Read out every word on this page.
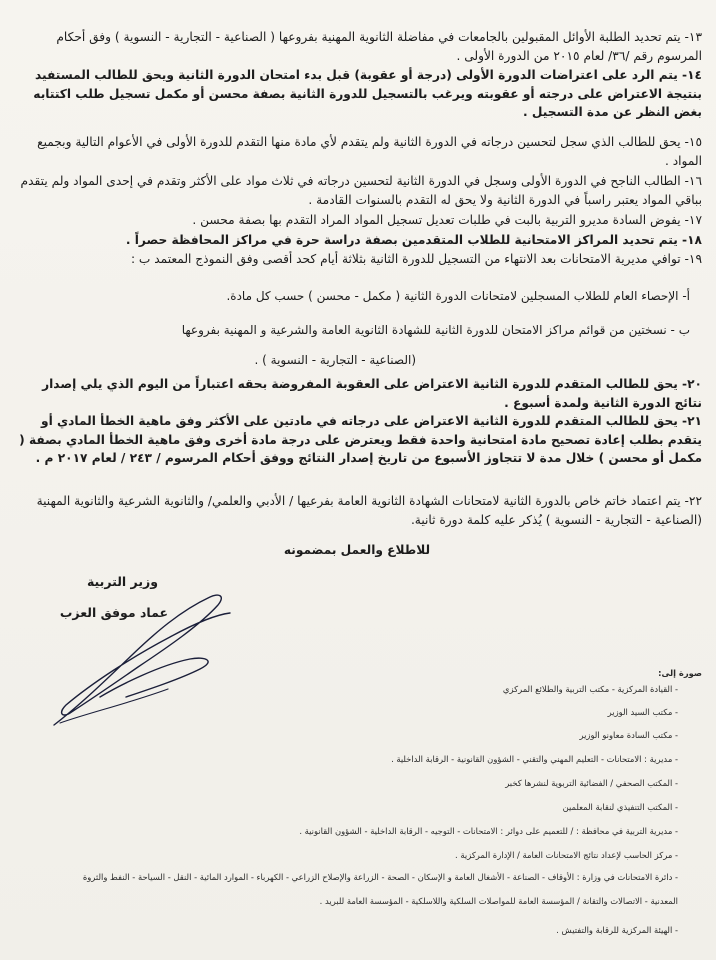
١٣- يتم تحديد الطلبة الأوائل المقبولين بالجامعات في مفاضلة الثانوية المهنية بفروعها ( الصناعية - التجارية - النسوية ) وفق أحكام المرسوم رقم /٣٦/ لعام ٢٠١٥ من الدورة الأولى .

١٤- يتم الرد على اعتراضات الدورة الأولى (درجة أو عقوبة) قبل بدء امتحان الدورة الثانية ويحق للطالب المستفيد بنتيجة الاعتراض على درجته أو عقوبته ويرغب بالتسجيل للدورة الثانية بصفة محسن أو مكمل تسجيل طلب اكتتابه بغض النظر عن مدة التسجيل .

١٥- يحق للطالب الذي سجل لتحسين درجاته في الدورة الثانية ولم يتقدم لأي مادة منها التقدم للدورة الأولى في الأعوام التالية وبجميع المواد .

١٦- الطالب الناجح في الدورة الأولى وسجل في الدورة الثانية لتحسين درجاته في ثلاث مواد على الأكثر وتقدم في إحدى المواد ولم يتقدم بباقي المواد يعتبر راسباً في الدورة الثانية ولا يحق له التقدم بالسنوات القادمة .

١٧- يفوض السادة مديرو التربية بالبت في طلبات تعديل تسجيل المواد المراد التقدم بها بصفة محسن .

١٨- يتم تحديد المراكز الامتحانية للطلاب المتقدمين بصفة دراسة حرة في مراكز المحافظة حصراً .

١٩- توافي مديرية الامتحانات بعد الانتهاء من التسجيل للدورة الثانية بثلاثة أيام كحد أقصى وفق النموذج المعتمد ب :

أ- الإحصاء العام للطلاب المسجلين لامتحانات الدورة الثانية ( مكمل - محسن ) حسب كل مادة.

ب - نسختين من قوائم مراكز الامتحان للدورة الثانية للشهادة الثانوية العامة والشرعية و المهنية بفروعها

(الصناعية - التجارية - النسوية ) .

٢٠- يحق للطالب المتقدم للدورة الثانية الاعتراض على العقوبة المفروضة بحقه اعتباراً من اليوم الذي يلي إصدار نتائج الدورة الثانية ولمدة أسبوع .

٢١- يحق للطالب المتقدم للدورة الثانية الاعتراض على درجاته في مادتين على الأكثر وفق ماهية الخطأ المادي أو يتقدم بطلب إعادة تصحيح مادة امتحانية واحدة فقط ويعترض على درجة مادة أخرى وفق ماهية الخطأ المادي بصفة ( مكمل أو محسن ) خلال مدة لا تتجاوز الأسبوع من تاريخ إصدار النتائج ووفق أحكام المرسوم / ٢٤٣ / لعام ٢٠١٧ م .

٢٢- يتم اعتماد خاتم خاص بالدورة الثانية لامتحانات الشهادة الثانوية العامة بفرعيها / الأدبي والعلمي/ والثانوية الشرعية والثانوية المهنية (الصناعية - التجارية - النسوية ) يُذكر عليه كلمة دورة ثانية.

للاطلاع والعمل بمضمونه

وزير التربية
عماد موفق العزب

صورة إلى:

- القيادة المركزية - مكتب التربية والطلائع المركزي

- مكتب السيد الوزير

- مكتب السادة معاونو الوزير

- مديرية : الامتحانات - التعليم المهني والتقني - الشؤون القانونية - الرقابة الداخلية .

- المكتب الصحفي / الفضائية التربوية لنشرها كخبر

- المكتب التنفيذي لنقابة المعلمين

- مديرية التربية في محافظة : / للتعميم على دوائر : الامتحانات - التوجيه - الرقابة الداخلية - الشؤون القانونية .

- مركز الحاسب لإعداد نتائج الامتحانات العامة / الإدارة المركزية .

- دائرة الامتحانات في وزارة : الأوقاف - الصناعة - الأشغال العامة و الإسكان - الصحة - الزراعة والإصلاح الزراعي - الكهرباء - الموارد المائية - النقل - السياحة - النفط والثروة

المعدنية - الاتصالات والتقانة / المؤسسة العامة للمواصلات السلكية واللاسلكية - المؤسسة العامة للبريد .

- الهيئة المركزية للرقابة والتفتيش .
